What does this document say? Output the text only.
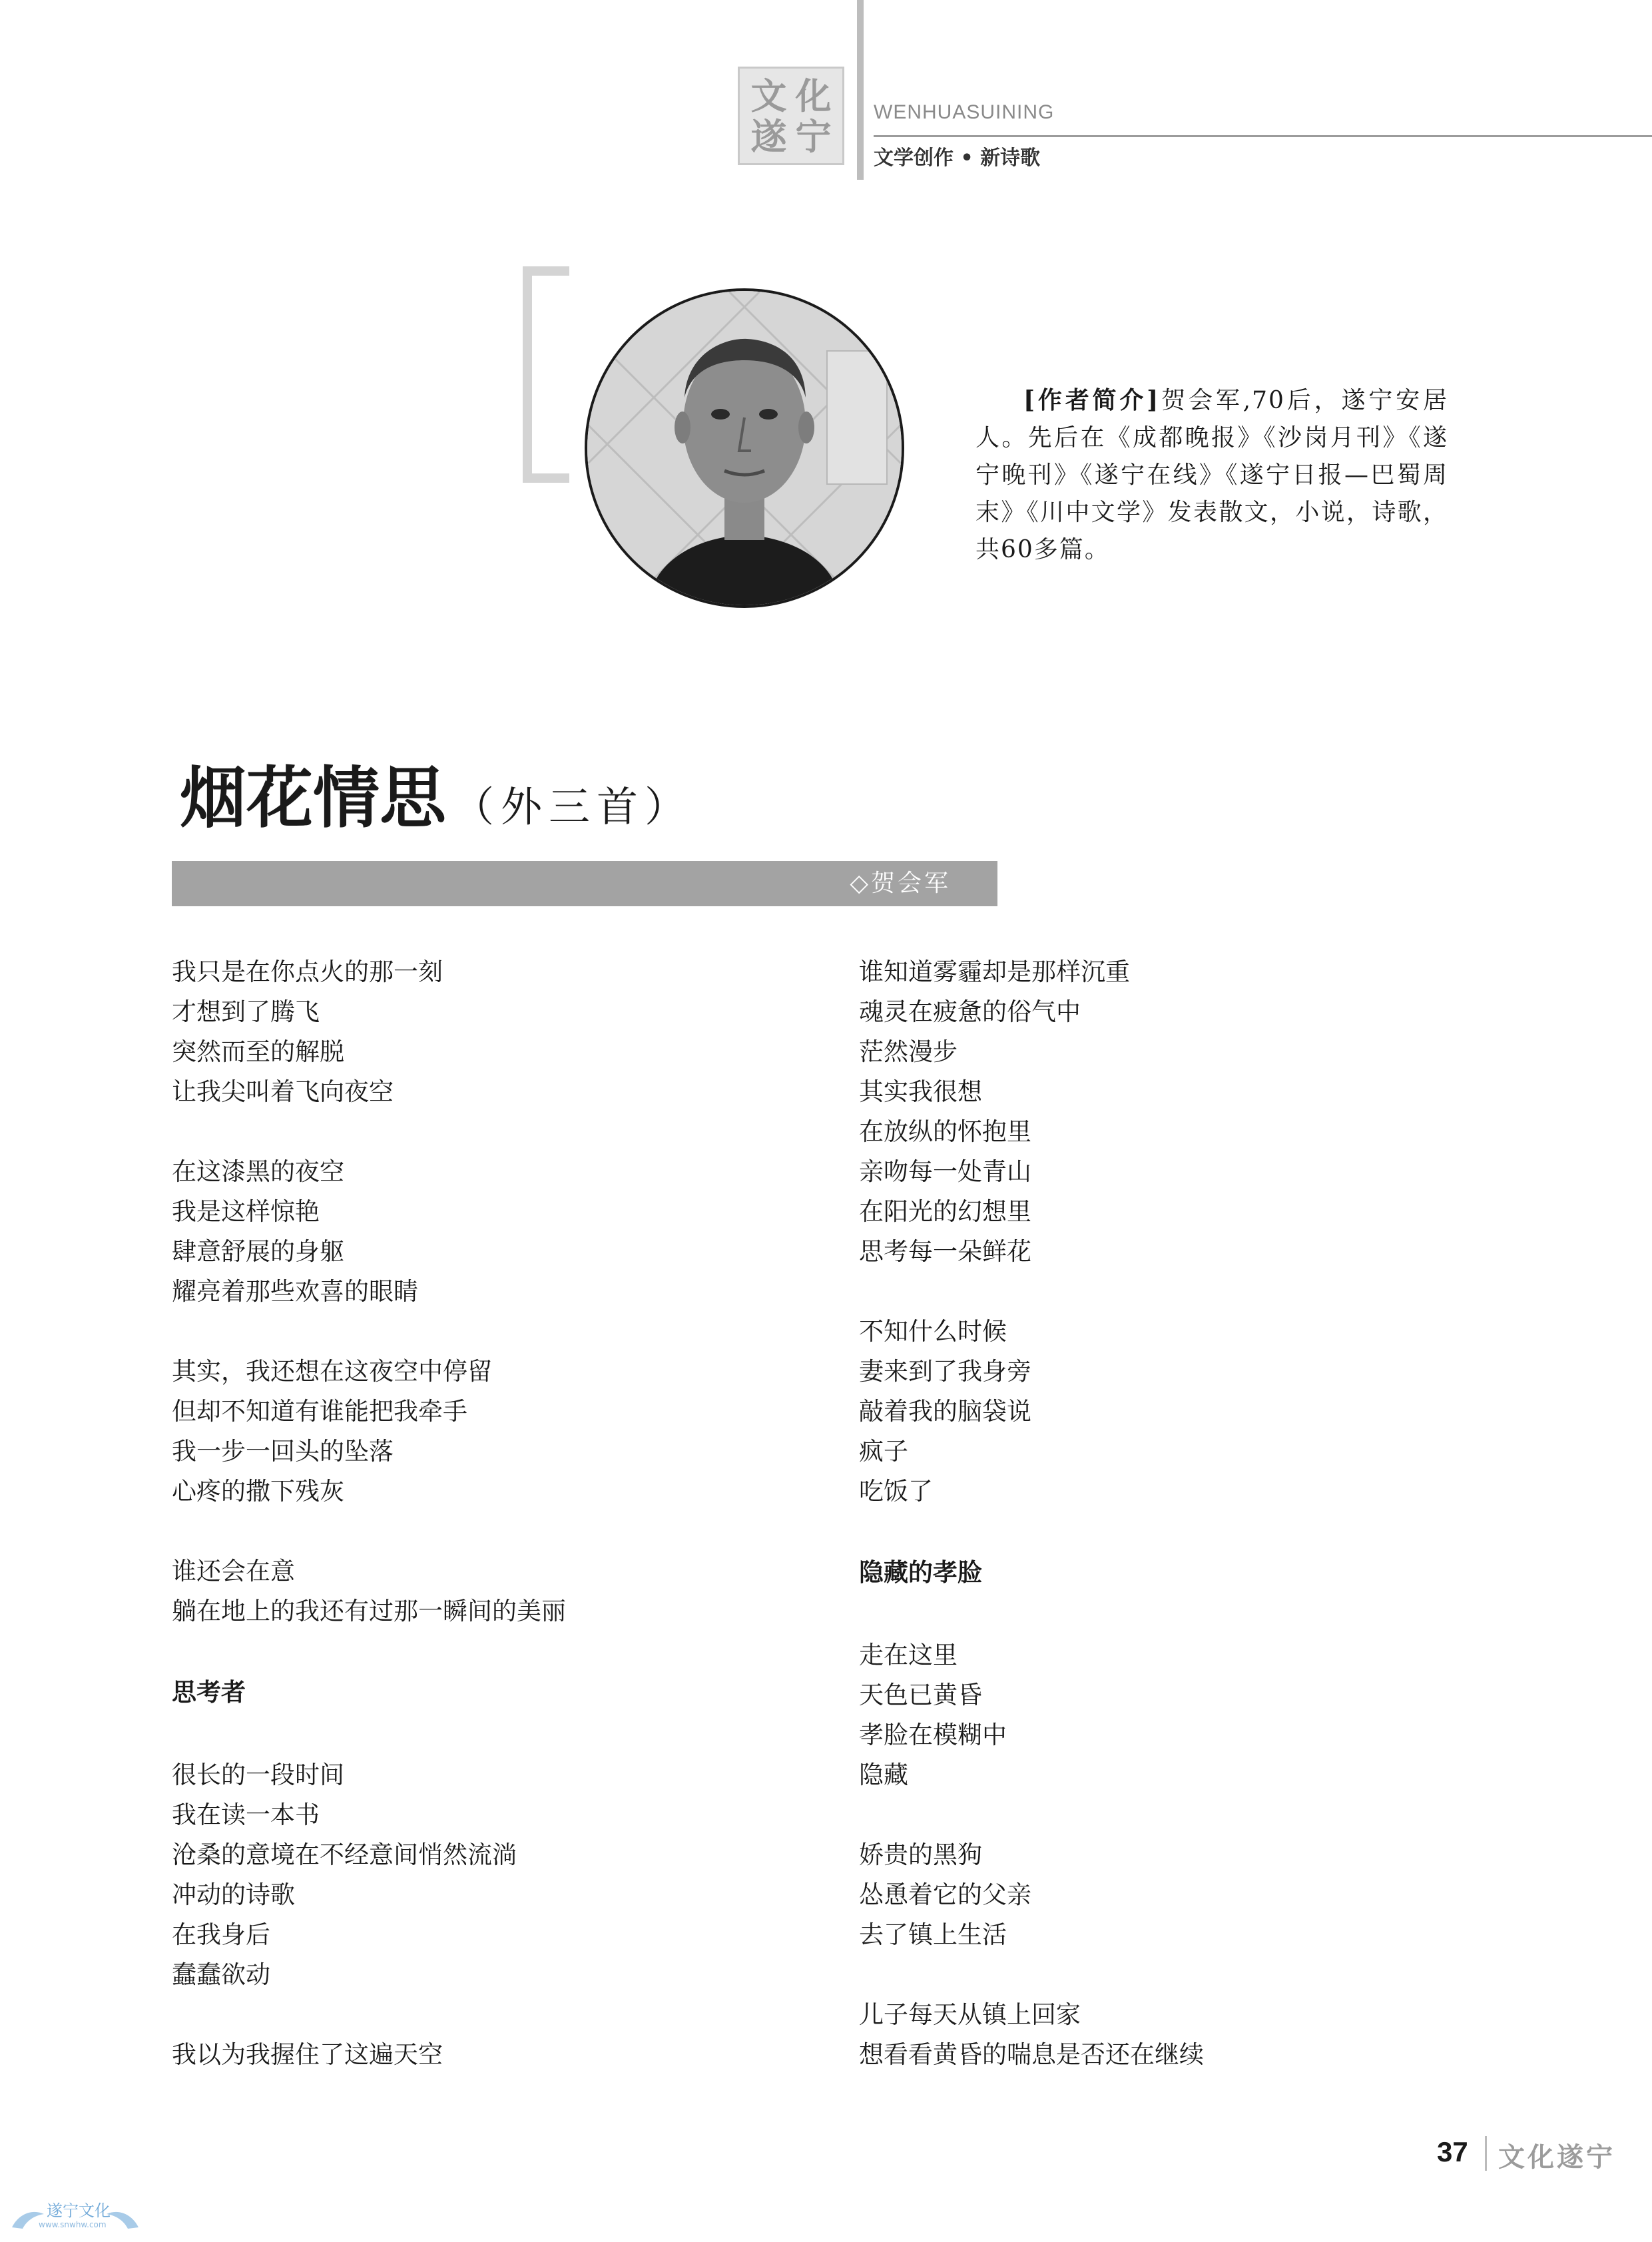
文 化
遂 宁
WENHUASUINING
文学创作 • 新诗歌
[作者简介]贺会军,70后，遂宁安居人。先后在《成都晚报》《沙岗月刊》《遂宁晚刊》《遂宁在线》《遂宁日报—巴蜀周末》《川中文学》发表散文，小说，诗歌，共60多篇。
烟花情思 （外三首）
◇贺会军
我只是在你点火的那一刻
才想到了腾飞
突然而至的解脱
让我尖叫着飞向夜空
在这漆黑的夜空
我是这样惊艳
肆意舒展的身躯
耀亮着那些欢喜的眼睛
其实，我还想在这夜空中停留
但却不知道有谁能把我牵手
我一步一回头的坠落
心疼的撒下残灰
谁还会在意
躺在地上的我还有过那一瞬间的美丽
思考者
很长的一段时间
我在读一本书
沧桑的意境在不经意间悄然流淌
冲动的诗歌
在我身后
蠢蠢欲动
我以为我握住了这遍天空
谁知道雾霾却是那样沉重
魂灵在疲惫的俗气中
茫然漫步
其实我很想
在放纵的怀抱里
亲吻每一处青山
在阳光的幻想里
思考每一朵鲜花
不知什么时候
妻来到了我身旁
敲着我的脑袋说
疯子
吃饭了
隐藏的孝脸
走在这里
天色已黄昏
孝脸在模糊中
隐藏
娇贵的黑狗
怂恿着它的父亲
去了镇上生活
儿子每天从镇上回家
想看看黄昏的喘息是否还在继续
37 文化遂宁
遂宁文化
www.snwhw.com
